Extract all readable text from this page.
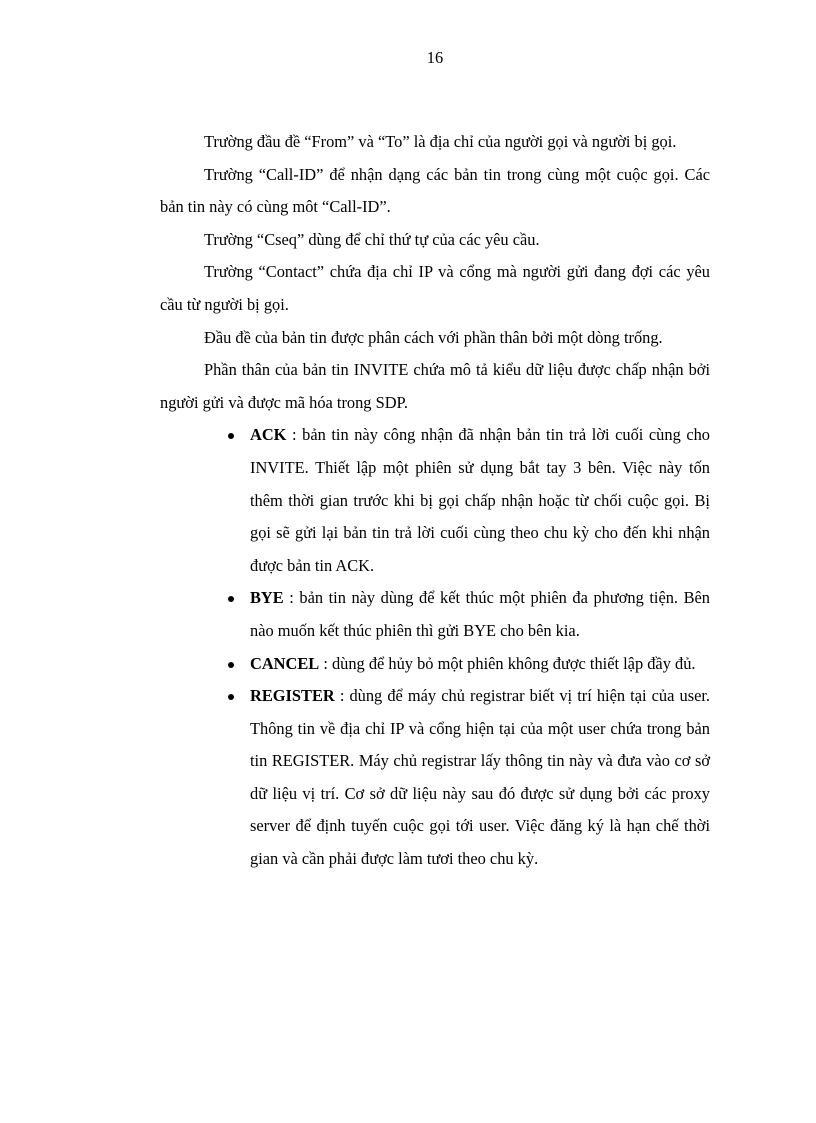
16

Trường đầu đề “From” và “To” là địa chỉ của người gọi và người bị gọi.

Trường “Call-ID” để nhận dạng các bản tin trong cùng một cuộc gọi. Các bản tin này có cùng môt “Call-ID”.

Trường “Cseq” dùng để chỉ thứ tự của các yêu cầu.

Trường “Contact” chứa địa chỉ IP và cổng mà người gửi đang đợi các yêu cầu từ người bị gọi.

Đầu đề của bản tin được phân cách với phần thân bởi một dòng trống.

Phần thân của bản tin INVITE chứa mô tả kiểu dữ liệu được chấp nhận bởi người gửi và được mã hóa trong SDP.

ACK : bản tin này công nhận đã nhận bản tin trả lời cuối cùng cho INVITE. Thiết lập một phiên sử dụng bắt tay 3 bên. Việc này tốn thêm thời gian trước khi bị gọi chấp nhận hoặc từ chối cuộc gọi. Bị gọi sẽ gửi lại bản tin trả lời cuối cùng theo chu kỳ cho đến khi nhận được bản tin ACK.
BYE : bản tin này dùng để kết thúc một phiên đa phương tiện. Bên nào muốn kết thúc phiên thì gửi BYE cho bên kia.
CANCEL : dùng để hủy bỏ một phiên không được thiết lập đầy đủ.
REGISTER : dùng để máy chủ registrar biết vị trí hiện tại của user. Thông tin về địa chỉ IP và cổng hiện tại của một user chứa trong bản tin REGISTER. Máy chủ registrar lấy thông tin này và đưa vào cơ sở dữ liệu vị trí. Cơ sở dữ liệu này sau đó được sử dụng bởi các proxy server để định tuyến cuộc gọi tới user. Việc đăng ký là hạn chế thời gian và cần phải được làm tươi theo chu kỳ.
